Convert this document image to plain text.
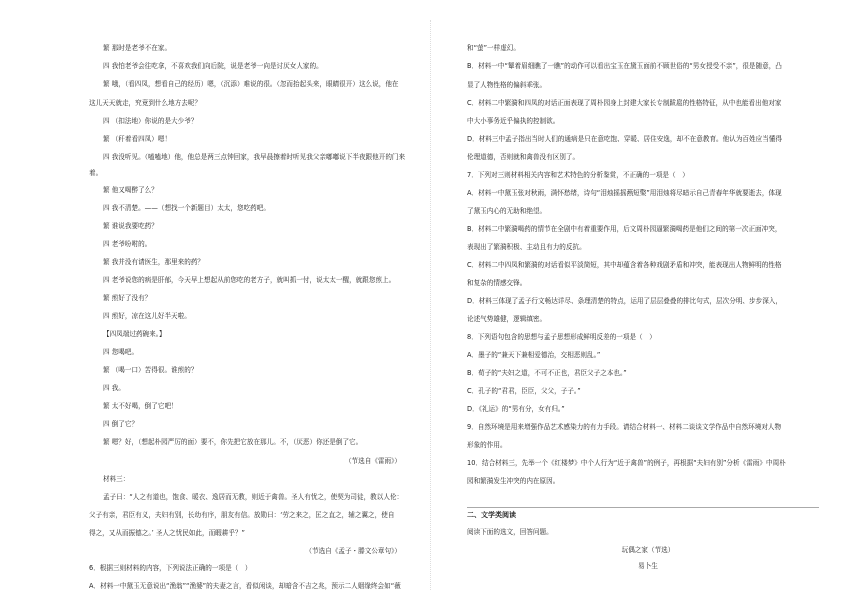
繁 那时是老爷不在家。
四 我怕老爷会往吃拿，不喜欢我们向后院，说是老爷一向是讨厌女人家的。
繁 哦，（看四凤，想看自己的经历）嗯，（沉添）难说的很。（忽而抬起头来，眼睛很开）这么说，他在
这儿天天就走，究竟到什么地方去呢？
四 （扣法地）你说的是大少爷？
繁 （秆着看四凤）嗯！
四 我没听见。（嗑嗑地）他，他总是两三点钟回家，我早晨擦着时听见我父亲嘟嘟说下半夜跟他开的门来
着。
繁 他又喝醉了么？
四 我不清楚。——（想找一个新题目）太太，您吃药吧。
繁 谁说我要吃药？
四 老爷吩咐的。
繁 我并没有请医生，那里来的药？
四 老爷说您的病是肝郁，今天早上想起从前您吃的老方子，就叫抓一付，说太太一醒，就跟您煎上。
繁 煎好了没有？
四 煎好，凉在这儿好半天啦。
【四凤端过药碗来。】
四 您喝吧。
繁 （喝一口）苦得很。谁煎的？
四 我。
繁 太不好喝，倒了它吧！
四 倒了它？
繁 嗯？好，（想起朴园严厉的面）要不，你先把它放在那儿。不，（厌恶）你还是倒了它。
（节选自《雷雨》）
材料三：
孟子曰：“人之有道也，饱食、暖衣、逸居而无教，则近于禽兽。圣人有忧之，使契为司徒，教以人伦：
父子有亲，君臣有义，夫妇有别，长幼有序，朋友有信。放勋曰：‘劳之来之，匡之直之，辅之翼之，使自
得之，又从而振德之。’ 圣人之忧民如此，而暇耕乎？”
（节选自《孟子・滕文公章句》）
6．根据三则材料的内容，下列说法正确的一项是（　）
A．材料一中黛玉无意说出“渔翁”“渔婆”的夫妻之言，看似闲谈，却暗含不吉之兆，预示二人姻缘终会如“薇
和“萤”一样虚幻。
B．材料一中“颦着眉细瞧了一瞧”的动作可以看出宝玉在黛玉面前不顾世俗的“男女授受不亲”，很是随意，凸
显了人物性格的偏斜乖张。
C．材料二中繁漪和四凤的对话正面表现了周朴园身上封建大家长专制跋扈的性格特征，从中也能看出他对家
中大小事务近乎偏执的控制欲。
D．材料三中孟子指出当时人们的通病是只在意吃饱、穿暖、居住安逸，却不在意教育。他认为百姓应当懂得
伦理道德，否则就和禽兽没有区别了。
7．下列对三则材料相关内容和艺术特色的分析鉴赏，不正确的一项是（　）
A．材料一中黛玉张对秋雨，满怀愁绪，诗句“泪烛摇摇爇短檠”用泪烛将尽暗示自己青春年华就要逝去，体现
了黛玉内心的无助和绝望。
B．材料二中繁漪喝药的情节在全剧中有着重要作用，后文周朴园逼繁漪喝药是他们之间的第一次正面冲突，
表现出了繁漪积极、主动且有力的反抗。
C．材料二中四凤和繁漪的对话看似平淡简短，其中却蕴含着各种戏剧矛盾和冲突，能表现出人物鲜明的性格
和复杂的情感交锋。
D．材料三体现了孟子行文畅达详尽、条理清楚的特点，运用了层层叠叠的排比句式，层次分明、步步深入，
论述气势雄健，逻辑缜密。
8．下列语句包含的思想与孟子思想形成鲜明反差的一项是（　）
A．墨子的“兼天下兼相爱德治，交相恶则乱。”
B．荀子的“夫妇之道，不可不正也，君臣父子之本也。”
C．孔子的“君君，臣臣，父父，子子。”
D．《礼运》的“男有分，女有归。”
9．自然环境是用来增强作品艺术感染力的有力手段。请结合材料一、材料二谈谈文学作品中自然环境对人物
形象的作用。
10．结合材料三，先举一个《红楼梦》中个人行为“近于禽兽”的例子，再根据“夫妇有别”分析《雷雨》中周朴
园和繁漪发生冲突的内在原因。
二、文学类阅读
阅读下面的选文，回答问题。
玩偶之家（节选）
易卜生
